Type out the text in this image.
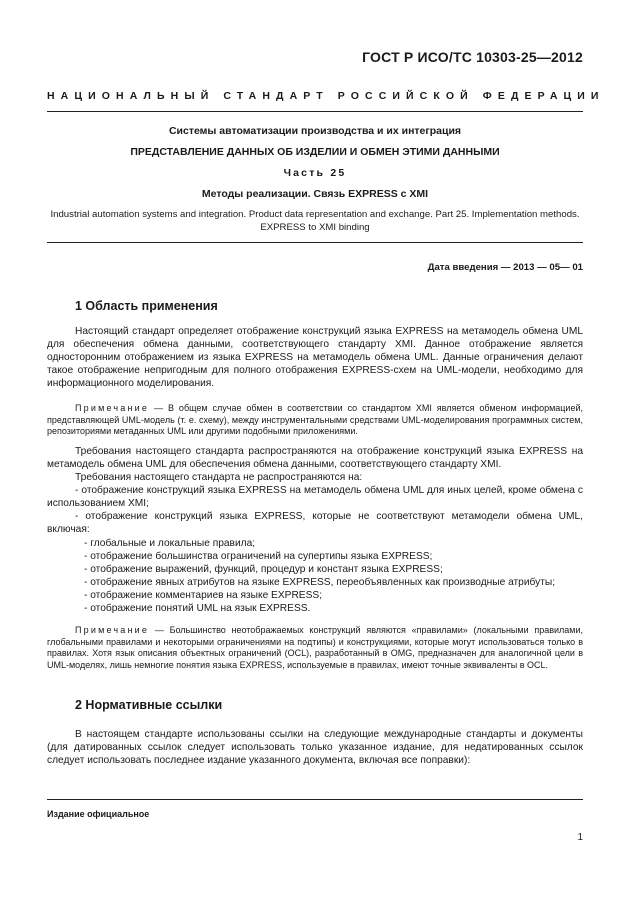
ГОСТ Р ИСО/ТС 10303-25—2012
НАЦИОНАЛЬНЫЙ СТАНДАРТ РОССИЙСКОЙ ФЕДЕРАЦИИ
Системы автоматизации производства и их интеграция
ПРЕДСТАВЛЕНИЕ ДАННЫХ ОБ ИЗДЕЛИИ И ОБМЕН ЭТИМИ ДАННЫМИ
Часть 25
Методы реализации. Связь EXPRESS с XMI
Industrial automation systems and integration. Product data representation and exchange. Part 25. Implementation methods. EXPRESS to XMI binding
Дата введения — 2013 — 05— 01
1 Область применения
Настоящий стандарт определяет отображение конструкций языка EXPRESS на метамодель обмена UML для обеспечения обмена данными, соответствующего стандарту XMI. Данное отображение является односторонним отображением из языка EXPRESS на метамодель обмена UML. Данные ограничения делают такое отображение непригодным для полного отображения EXPRESS-схем на UML-модели, необходимо для информационного моделирования.
Примечание — В общем случае обмен в соответствии со стандартом XMI является обменом информацией, представляющей UML-модель (т. е. схему), между инструментальными средствами UML-моделирования программных систем, репозиториями метаданных UML или другими подобными приложениями.
Требования настоящего стандарта распространяются на отображение конструкций языка EXPRESS на метамодель обмена UML для обеспечения обмена данными, соответствующего стандарту XMI.
Требования настоящего стандарта не распространяются на:
- отображение конструкций языка EXPRESS на метамодель обмена UML для иных целей, кроме обмена с использованием XMI;
- отображение конструкций языка EXPRESS, которые не соответствуют метамодели обмена UML, включая:
- глобальные и локальные правила;
- отображение большинства ограничений на супертипы языка EXPRESS;
- отображение выражений, функций, процедур и констант языка EXPRESS;
- отображение явных атрибутов на языке EXPRESS, переобъявленных как производные атрибуты;
- отображение комментариев на языке EXPRESS;
- отображение понятий UML на язык EXPRESS.
Примечание — Большинство неотображаемых конструкций являются «правилами» (локальными правилами, глобальными правилами и некоторыми ограничениями на подтипы) и конструкциями, которые могут использоваться только в правилах. Хотя язык описания объектных ограничений (OCL), разработанный в OMG, предназначен для аналогичной цели в UML-моделях, лишь немногие понятия языка EXPRESS, используемые в правилах, имеют точные эквиваленты в OCL.
2 Нормативные ссылки
В настоящем стандарте использованы ссылки на следующие международные стандарты и документы (для датированных ссылок следует использовать только указанное издание, для недатированных ссылок следует использовать последнее издание указанного документа, включая все поправки):
Издание официальное
1
